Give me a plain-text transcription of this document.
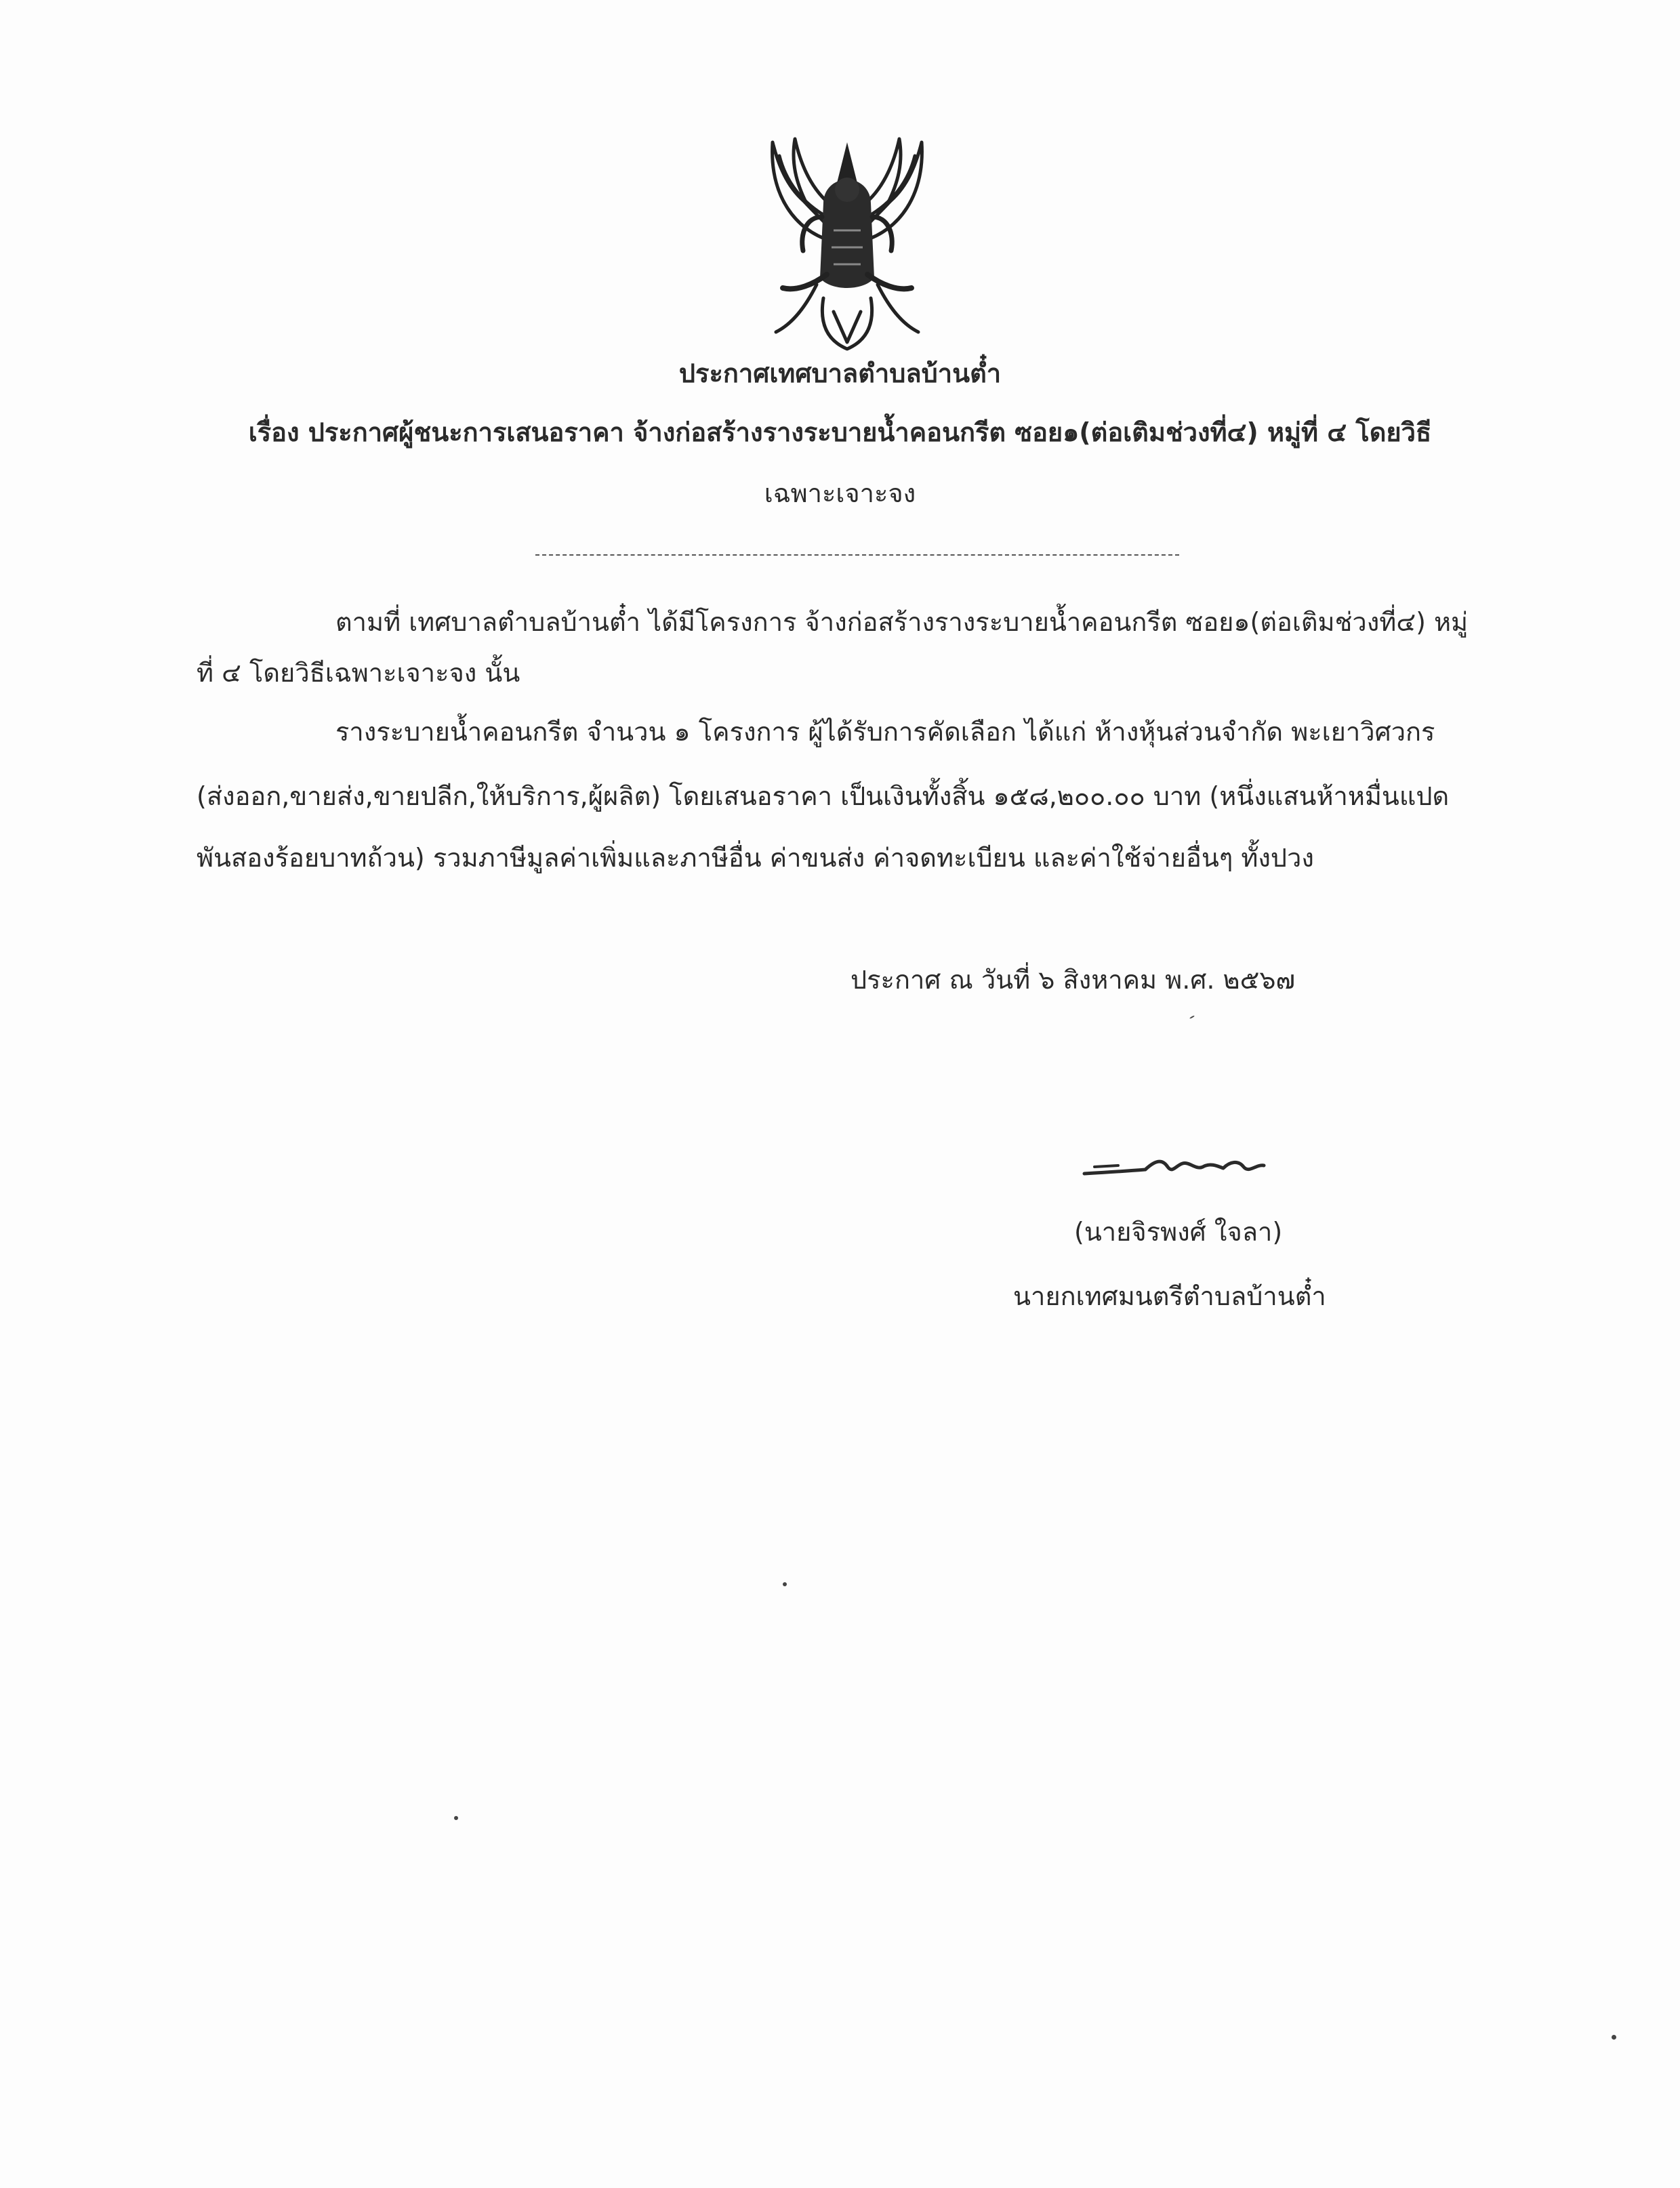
ประกาศเทศบาลตำบลบ้านต๋ำ
เรื่อง ประกาศผู้ชนะการเสนอราคา จ้างก่อสร้างรางระบายน้ำคอนกรีต ซอย๑(ต่อเติมช่วงที่๔) หมู่ที่ ๔ โดยวิธี
เฉพาะเจาะจง
ตามที่ เทศบาลตำบลบ้านต๋ำ ได้มีโครงการ จ้างก่อสร้างรางระบายน้ำคอนกรีต ซอย๑(ต่อเติมช่วงที่๔) หมู่
ที่ ๔ โดยวิธีเฉพาะเจาะจง นั้น
รางระบายน้ำคอนกรีต จำนวน ๑ โครงการ ผู้ได้รับการคัดเลือก ได้แก่ ห้างหุ้นส่วนจำกัด พะเยาวิศวกร
(ส่งออก,ขายส่ง,ขายปลีก,ให้บริการ,ผู้ผลิต) โดยเสนอราคา เป็นเงินทั้งสิ้น ๑๕๘,๒๐๐.๐๐ บาท (หนึ่งแสนห้าหมื่นแปด
พันสองร้อยบาทถ้วน) รวมภาษีมูลค่าเพิ่มและภาษีอื่น ค่าขนส่ง ค่าจดทะเบียน และค่าใช้จ่ายอื่นๆ ทั้งปวง
ประกาศ ณ วันที่ ๖ สิงหาคม พ.ศ. ๒๕๖๗
(นายจิรพงศ์ ใจลา)
นายกเทศมนตรีตำบลบ้านต๋ำ
